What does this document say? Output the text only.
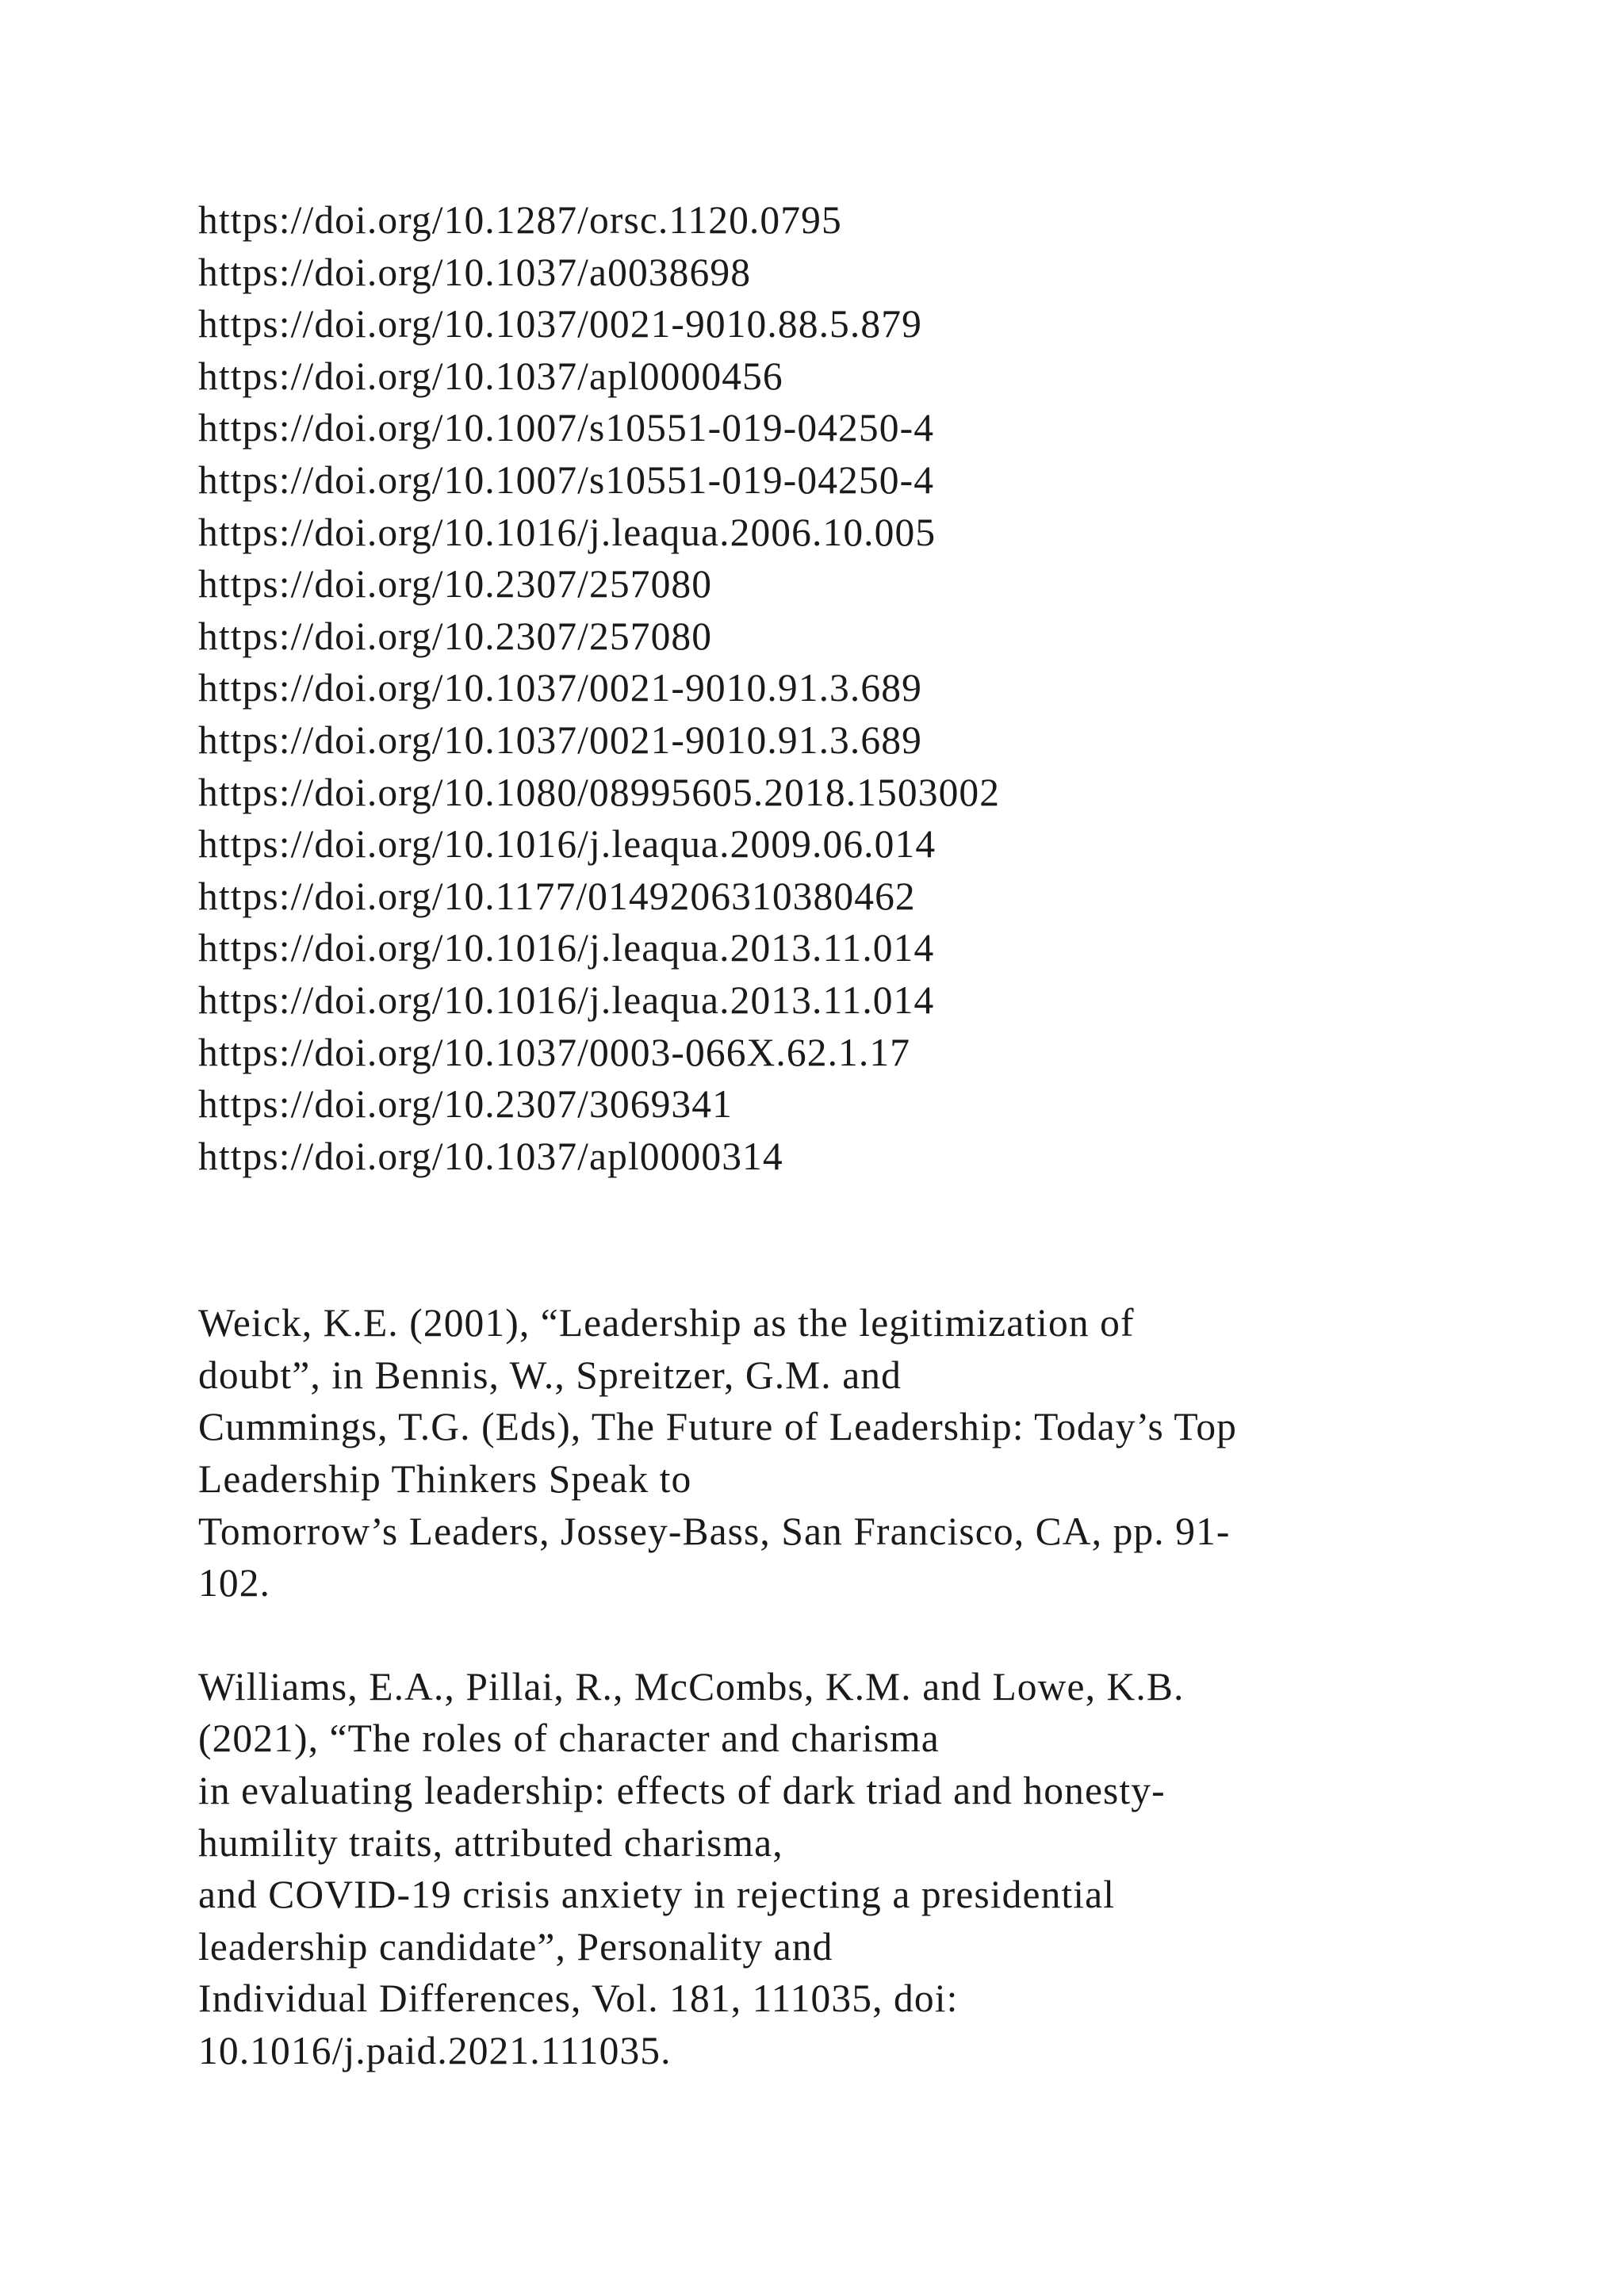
https://doi.org/10.1287/orsc.1120.0795
https://doi.org/10.1037/a0038698
https://doi.org/10.1037/0021-9010.88.5.879
https://doi.org/10.1037/apl0000456
https://doi.org/10.1007/s10551-019-04250-4
https://doi.org/10.1007/s10551-019-04250-4
https://doi.org/10.1016/j.leaqua.2006.10.005
https://doi.org/10.2307/257080
https://doi.org/10.2307/257080
https://doi.org/10.1037/0021-9010.91.3.689
https://doi.org/10.1037/0021-9010.91.3.689
https://doi.org/10.1080/08995605.2018.1503002
https://doi.org/10.1016/j.leaqua.2009.06.014
https://doi.org/10.1177/0149206310380462
https://doi.org/10.1016/j.leaqua.2013.11.014
https://doi.org/10.1016/j.leaqua.2013.11.014
https://doi.org/10.1037/0003-066X.62.1.17
https://doi.org/10.2307/3069341
https://doi.org/10.1037/apl0000314
Weick, K.E. (2001), “Leadership as the legitimization of
doubt”, in Bennis, W., Spreitzer, G.M. and
Cummings, T.G. (Eds), The Future of Leadership: Today’s Top
Leadership Thinkers Speak to
Tomorrow’s Leaders, Jossey-Bass, San Francisco, CA, pp. 91-
102.
Williams, E.A., Pillai, R., McCombs, K.M. and Lowe, K.B.
(2021), “The roles of character and charisma
in evaluating leadership: effects of dark triad and honesty-
humility traits, attributed charisma,
and COVID-19 crisis anxiety in rejecting a presidential
leadership candidate”, Personality and
Individual Differences, Vol. 181, 111035, doi:
10.1016/j.paid.2021.111035.
